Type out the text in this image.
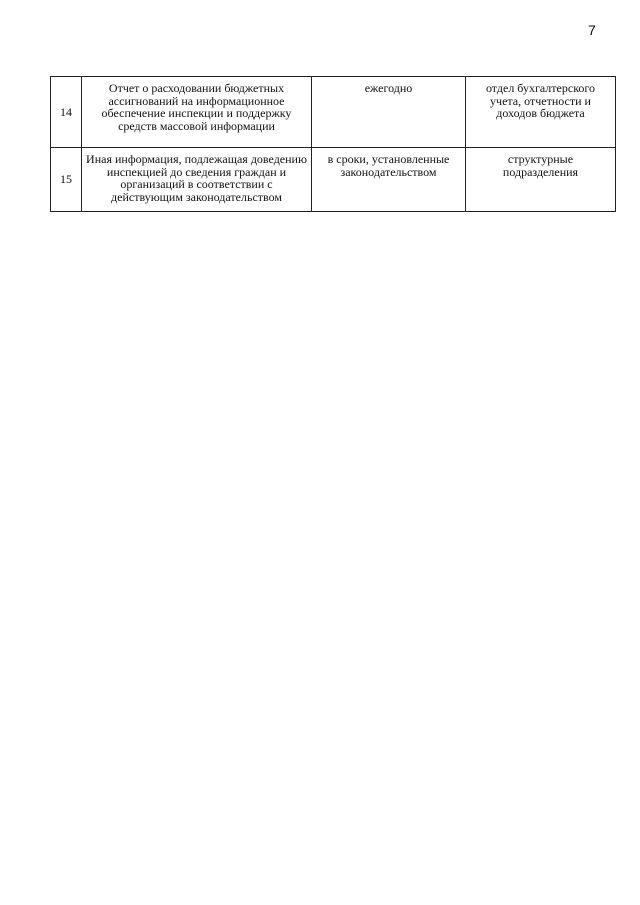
7
14	Отчет о расходовании бюджетных ассигнований на информационное обеспечение инспекции и поддержку средств массовой информации	ежегодно	отдел бухгалтерского учета, отчетности и доходов бюджета
15	Иная информация, подлежащая доведению инспекцией до сведения граждан и организаций в соответствии с действующим законодательством	в сроки, установленные законодательством	структурные подразделения
